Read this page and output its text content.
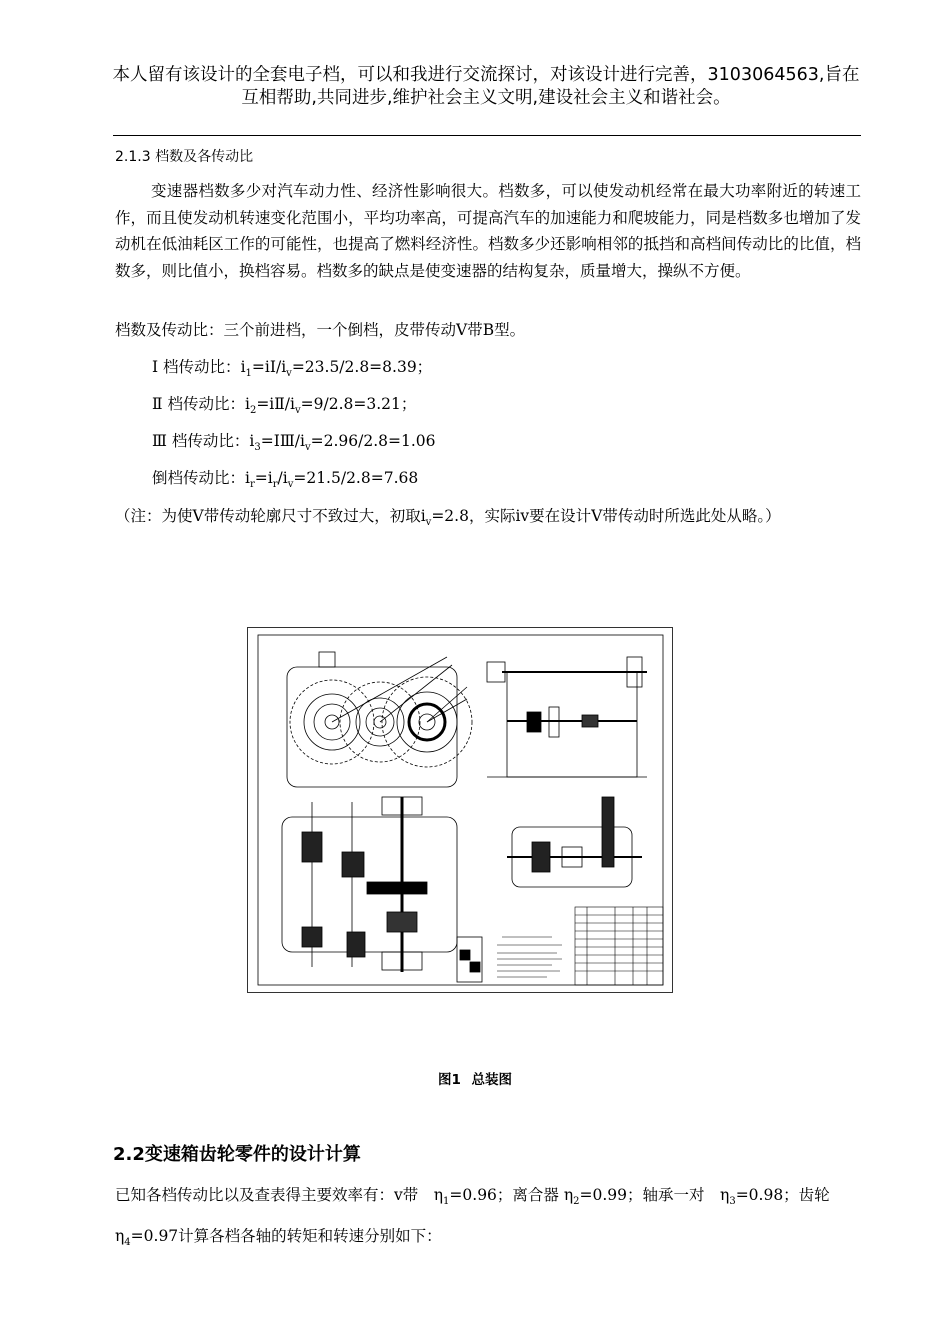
本人留有该设计的全套电子档，可以和我进行交流探讨，对该设计进行完善，3103064563,旨在互相帮助,共同进步,维护社会主义文明,建设社会主义和谐社会。
2.1.3 档数及各传动比
变速器档数多少对汽车动力性、经济性影响很大。档数多，可以使发动机经常在最大功率附近的转速工作，而且使发动机转速变化范围小，平均功率高，可提高汽车的加速能力和爬坡能力，同是档数多也增加了发动机在低油耗区工作的可能性，也提高了燃料经济性。档数多少还影响相邻的抵挡和高档间传动比的比值，档数多，则比值小，换档容易。档数多的缺点是使变速器的结构复杂，质量增大，操纵不方便。
档数及传动比：三个前进档，一个倒档，皮带传动V带B型。
Ⅰ 档传动比：$i_1=iⅠ/i_v=23.5/2.8=8.39$；
Ⅱ 档传动比：$i_2=iⅡ/i_v=9/2.8=3.21$；
Ⅲ 档传动比：$i_3=IⅢ/i_v=2.96/2.8=1.06$
倒档传动比：$i_r=i_r/i_v=21.5/2.8=7.68$
（注：为使V带传动轮廓尺寸不致过大，初取$i_v=2.8$，实际iv要在设计V带传动时所选此处从略。）
图1 总装图
2.2变速箱齿轮零件的设计计算
已知各档传动比以及查表得主要效率有：v带　$\eta_1=0.96$；离合器 $\eta_2=0.99$；轴承一对　$\eta_3=0.98$；齿轮 $\eta_4=0.97$计算各档各轴的转矩和转速分别如下：
